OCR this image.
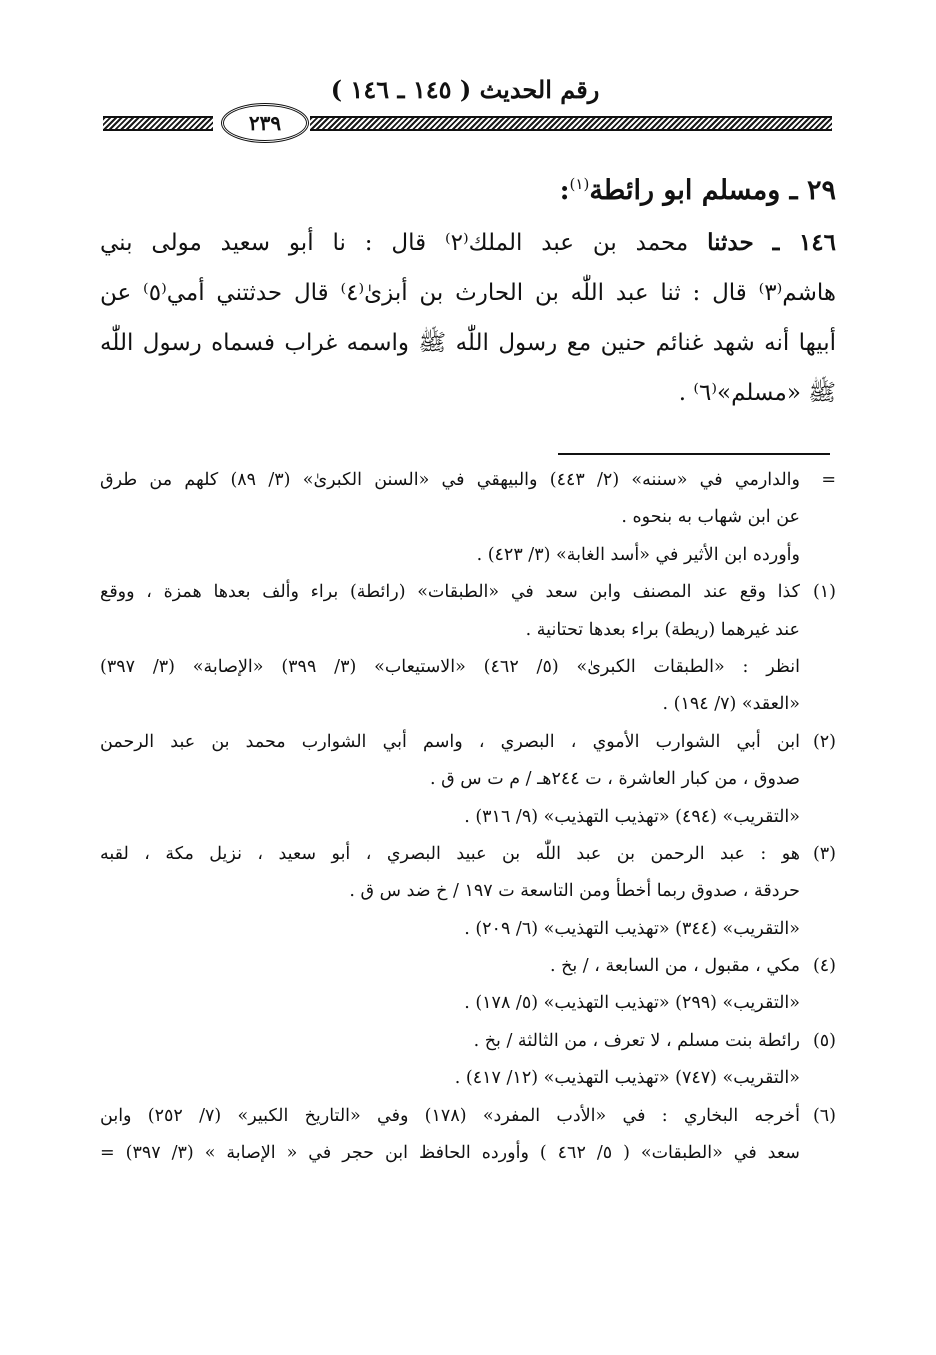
رقم الحديث ( ١٤٥ ـ ١٤٦ )
٢٣٩
٢٩ ـ ومسلم ابو رائطة$^{(١)}$:
١٤٦ ـ حدثنا محمد بن عبد الملك⁽٢⁾ قال : نا أبو سعيد مولى بني
هاشم⁽٣⁾ قال : ثنا عبد اللّٰه بن الحارث بن أبزىٰ⁽٤⁾ قال حدثتني أمي⁽٥⁾ عن
أبيها أنه شهد غنائم حنين مع رسول اللّٰه ﷺ واسمه غراب فسماه رسول اللّٰه
ﷺ «مسلم»⁽٦⁾ .
=والدارمي في «سننه» (٢/ ٤٤٣) والبيهقي في «السنن الكبرىٰ» (٣/ ٨٩) كلهم من طرق
عن ابن شهاب به بنحوه .
وأورده ابن الأثير في «أسد الغابة» (٣/ ٤٢٣) .
(١)كذا وقع عند المصنف وابن سعد في «الطبقات» (رائطة) براء وألف بعدها همزة ، ووقع
عند غيرهما (ريطة) براء بعدها تحتانية .
انظر : «الطبقات الكبرىٰ» (٥/ ٤٦٢) «الاستيعاب» (٣/ ٣٩٩) «الإصابة» (٣/ ٣٩٧)
«العقد» (٧/ ١٩٤) .
(٢)ابن أبي الشوارب الأموي ، البصري ، واسم أبي الشوارب محمد بن عبد الرحمن
صدوق ، من كبار العاشرة ، ت ٢٤٤هـ / م ت س ق .
«التقريب» (٤٩٤) «تهذيب التهذيب» (٩/ ٣١٦) .
(٣)هو : عبد الرحمن بن عبد اللّٰه بن عبيد البصري ، أبو سعيد ، نزيل مكة ، لقبه
حردقة ، صدوق ربما أخطأ ومن التاسعة ت ١٩٧ / خ ضد س ق .
«التقريب» (٣٤٤) «تهذيب التهذيب» (٦/ ٢٠٩) .
(٤)مكي ، مقبول ، من السابعة ، / بخ .
«التقريب» (٢٩٩) «تهذيب التهذيب» (٥/ ١٧٨) .
(٥)رائطة بنت مسلم ، لا تعرف ، من الثالثة / بخ .
«التقريب» (٧٤٧) «تهذيب التهذيب» (١٢/ ٤١٧) .
(٦)أخرجه البخاري : في «الأدب المفرد» (١٧٨) وفي «التاريخ الكبير» (٧/ ٢٥٢) وابن
سعد في «الطبقات» ( ٥/ ٤٦٢ ) وأورده الحافظ ابن حجر في « الإصابة » (٣/ ٣٩٧) =
